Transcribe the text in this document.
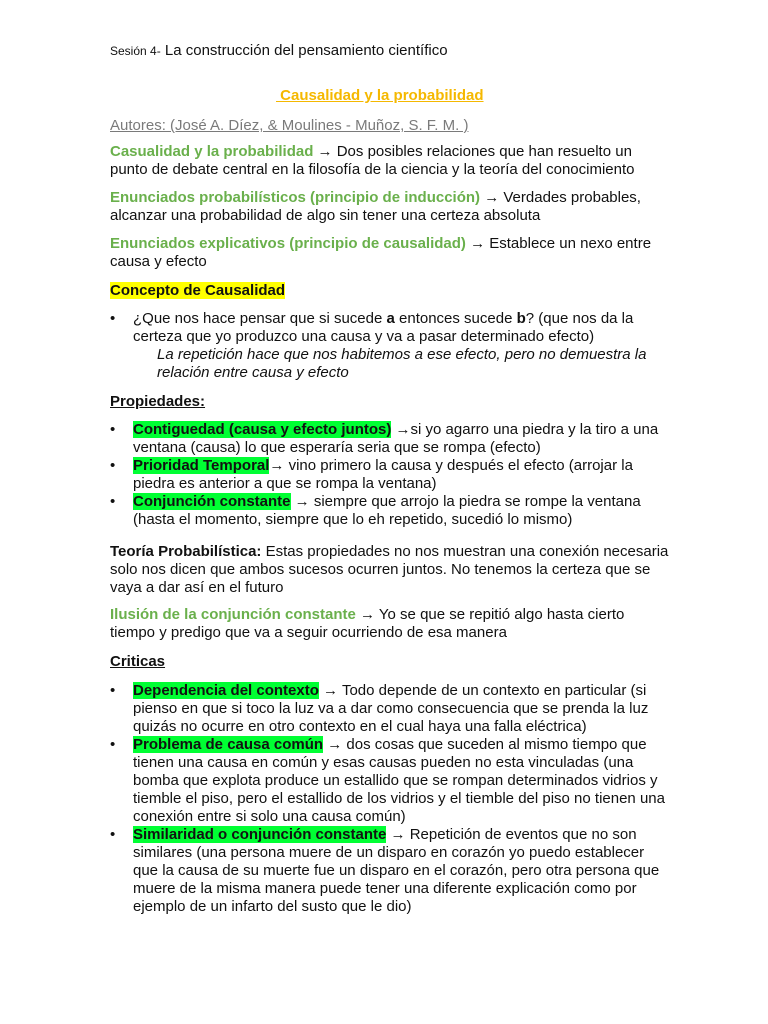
Sesión 4- La construcción del pensamiento científico
Causalidad y la probabilidad
Autores: (José A. Díez, & Moulines - Muñoz, S. F. M. )
Casualidad y la probabilidad → Dos posibles relaciones que han resuelto un punto de debate central en la filosofía de la ciencia y la teoría del conocimiento
Enunciados probabilísticos (principio de inducción) → Verdades probables, alcanzar una probabilidad de algo sin tener una certeza absoluta
Enunciados explicativos (principio de causalidad) → Establece un nexo entre causa y efecto
Concepto de Causalidad
• ¿Que nos hace pensar que si sucede a entonces sucede b? (que nos da la certeza que yo produzco una causa y va a pasar determinado efecto)
La repetición hace que nos habitemos a ese efecto, pero no demuestra la relación entre causa y efecto
Propiedades:
• Contiguedad (causa y efecto juntos) →si yo agarro una piedra y la tiro a una ventana (causa) lo que esperaría seria que se rompa (efecto)
• Prioridad Temporal→ vino primero la causa y después el efecto (arrojar la piedra es anterior a que se rompa la ventana)
• Conjunción constante → siempre que arrojo la piedra se rompe la ventana (hasta el momento, siempre que lo eh repetido, sucedió lo mismo)
Teoría Probabilística: Estas propiedades no nos muestran una conexión necesaria solo nos dicen que ambos sucesos ocurren juntos. No tenemos la certeza que se vaya a dar así en el futuro
Ilusión de la conjunción constante → Yo se que se repitió algo hasta cierto tiempo y predigo que va a seguir ocurriendo de esa manera
Criticas
• Dependencia del contexto → Todo depende de un contexto en particular (si pienso en que si toco la luz va a dar como consecuencia que se prenda la luz quizás no ocurre en otro contexto en el cual haya una falla eléctrica)
• Problema de causa común → dos cosas que suceden al mismo tiempo que tienen una causa en común y esas causas pueden no esta vinculadas (una bomba que explota produce un estallido que se rompan determinados vidrios y tiemble el piso, pero el estallido de los vidrios y el tiemble del piso no tienen una conexión entre si solo una causa común)
• Similaridad o conjunción constante → Repetición de eventos que no son similares (una persona muere de un disparo en corazón yo puedo establecer que la causa de su muerte fue un disparo en el corazón, pero otra persona que muere de la misma manera puede tener una diferente explicación como por ejemplo de un infarto del susto que le dio)
